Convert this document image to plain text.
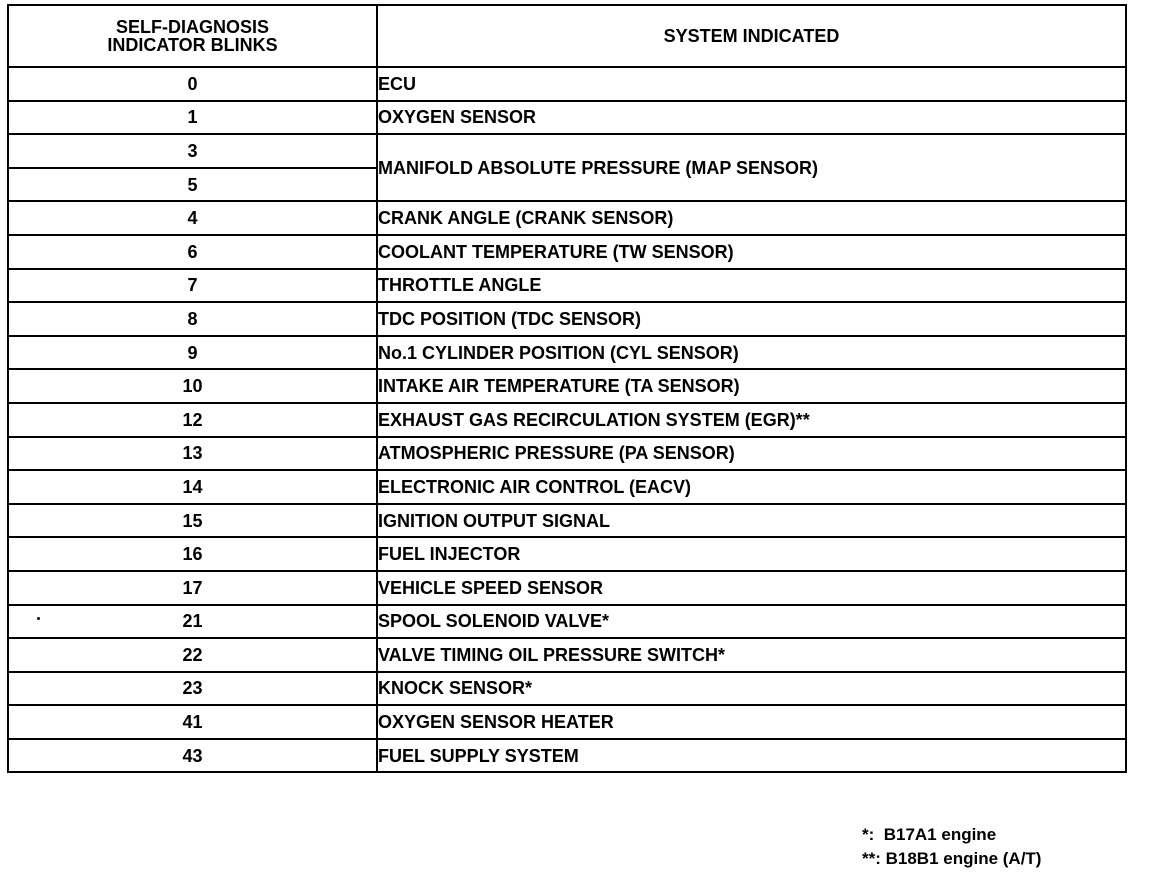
SELF-DIAGNOSIS
INDICATOR BLINKS	SYSTEM INDICATED
0	ECU
1	OXYGEN SENSOR
3	MANIFOLD ABSOLUTE PRESSURE (MAP SENSOR)
5	
4	CRANK ANGLE (CRANK SENSOR)
6	COOLANT TEMPERATURE (TW SENSOR)
7	THROTTLE ANGLE
8	TDC POSITION (TDC SENSOR)
9	No.1 CYLINDER POSITION (CYL SENSOR)
10	INTAKE AIR TEMPERATURE (TA SENSOR)
12	EXHAUST GAS RECIRCULATION SYSTEM (EGR)**
13	ATMOSPHERIC PRESSURE (PA SENSOR)
14	ELECTRONIC AIR CONTROL (EACV)
15	IGNITION OUTPUT SIGNAL
16	FUEL INJECTOR
17	VEHICLE SPEED SENSOR
21	SPOOL SOLENOID VALVE*
22	VALVE TIMING OIL PRESSURE SWITCH*
23	KNOCK SENSOR*
41	OXYGEN SENSOR HEATER
43	FUEL SUPPLY SYSTEM
*:  B17A1 engine
**: B18B1 engine (A/T)
